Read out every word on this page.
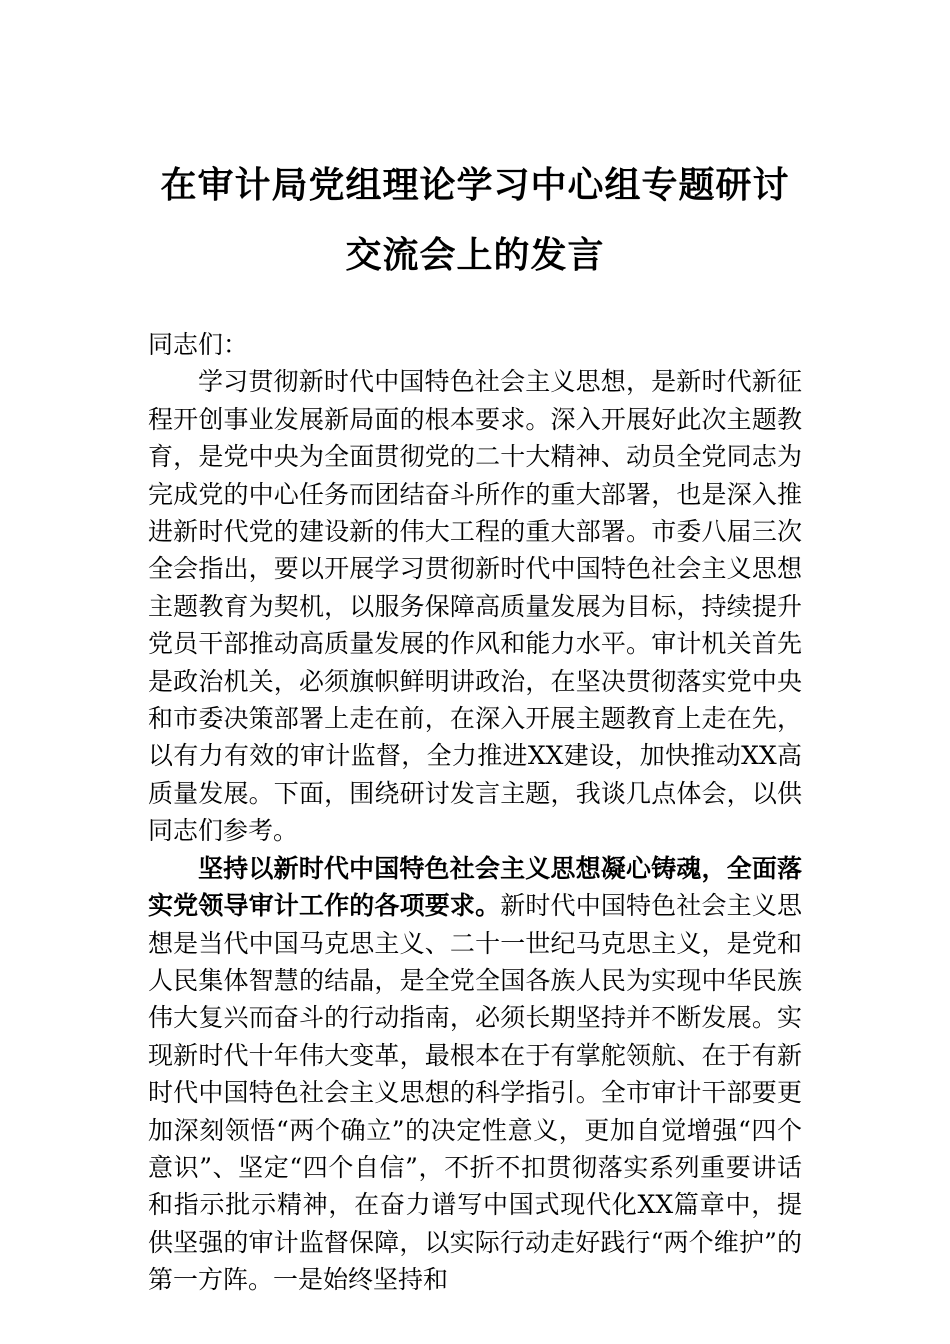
在审计局党组理论学习中心组专题研讨交流会上的发言

同志们：

学习贯彻新时代中国特色社会主义思想，是新时代新征程开创事业发展新局面的根本要求。深入开展好此次主题教育，是党中央为全面贯彻党的二十大精神、动员全党同志为完成党的中心任务而团结奋斗所作的重大部署，也是深入推进新时代党的建设新的伟大工程的重大部署。市委八届三次全会指出，要以开展学习贯彻新时代中国特色社会主义思想主题教育为契机，以服务保障高质量发展为目标，持续提升党员干部推动高质量发展的作风和能力水平。审计机关首先是政治机关，必须旗帜鲜明讲政治，在坚决贯彻落实党中央和市委决策部署上走在前，在深入开展主题教育上走在先，以有力有效的审计监督，全力推进XX建设，加快推动XX高质量发展。下面，围绕研讨发言主题，我谈几点体会，以供同志们参考。

坚持以新时代中国特色社会主义思想凝心铸魂，全面落实党领导审计工作的各项要求。新时代中国特色社会主义思想是当代中国马克思主义、二十一世纪马克思主义，是党和人民集体智慧的结晶，是全党全国各族人民为实现中华民族伟大复兴而奋斗的行动指南，必须长期坚持并不断发展。实现新时代十年伟大变革，最根本在于有掌舵领航、在于有新时代中国特色社会主义思想的科学指引。全市审计干部要更加深刻领悟“两个确立”的决定性意义，更加自觉增强“四个意识”、坚定“四个自信”，不折不扣贯彻落实系列重要讲话和指示批示精神，在奋力谱写中国式现代化XX篇章中，提供坚强的审计监督保障，以实际行动走好践行“两个维护”的第一方阵。一是始终坚持和
